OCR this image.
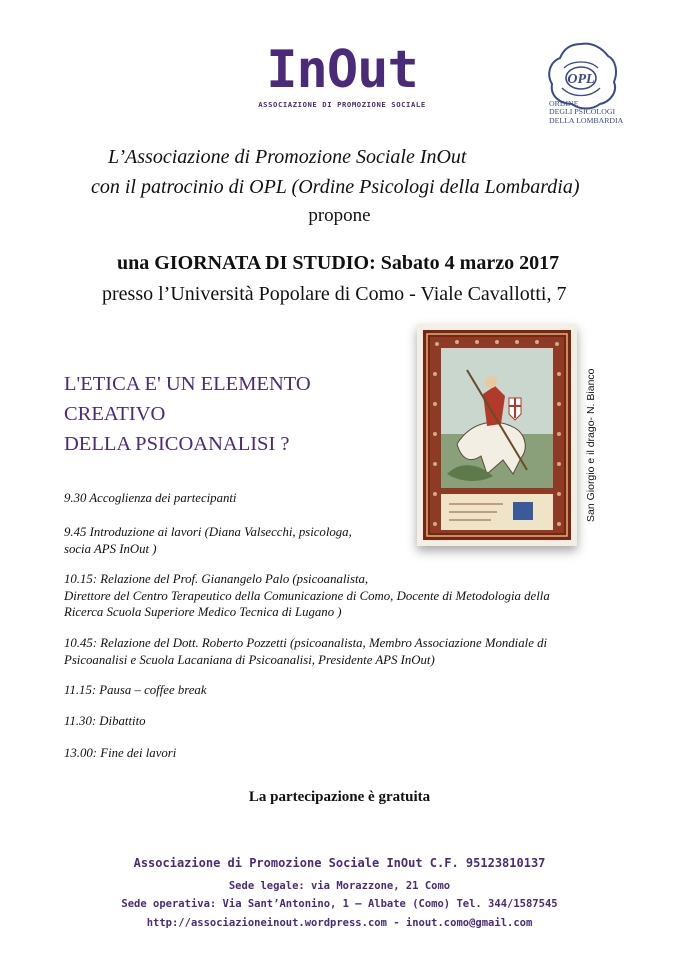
InOut
ASSOCIAZIONE DI PROMOZIONE SOCIALE
OPL
ORDINE
DEGLI PSICOLOGI
DELLA LOMBARDIA
L’Associazione di Promozione Sociale InOut
con il patrocinio di OPL (Ordine Psicologi della Lombardia)
propone
una GIORNATA DI STUDIO: Sabato 4 marzo 2017
presso l’Università Popolare di Como - Viale Cavallotti, 7
L'ETICA E' UN ELEMENTO
CREATIVO
DELLA PSICOANALISI ?	San Giorgio e il drago- N. Bianco
9.30 Accoglienza dei partecipanti
9.45 Introduzione ai lavori (Diana Valsecchi, psicologa,
socia APS InOut )
10.15: Relazione del Prof. Gianangelo Palo (psicoanalista,
Direttore del Centro Terapeutico della Comunicazione di Como, Docente di Metodologia della
Ricerca Scuola Superiore Medico Tecnica di Lugano )
10.45: Relazione del Dott. Roberto Pozzetti (psicoanalista, Membro Associazione Mondiale di
Psicoanalisi e Scuola Lacaniana di Psicoanalisi, Presidente APS InOut)
11.15: Pausa – coffee break
11.30: Dibattito
13.00: Fine dei lavori
La partecipazione è gratuita
Associazione di Promozione Sociale InOut C.F. 95123810137
Sede legale: via Morazzone, 21 Como
Sede operativa: Via Sant’Antonino, 1 – Albate (Como) Tel. 344/1587545
http://associazioneinout.wordpress.com - inout.como@gmail.com
